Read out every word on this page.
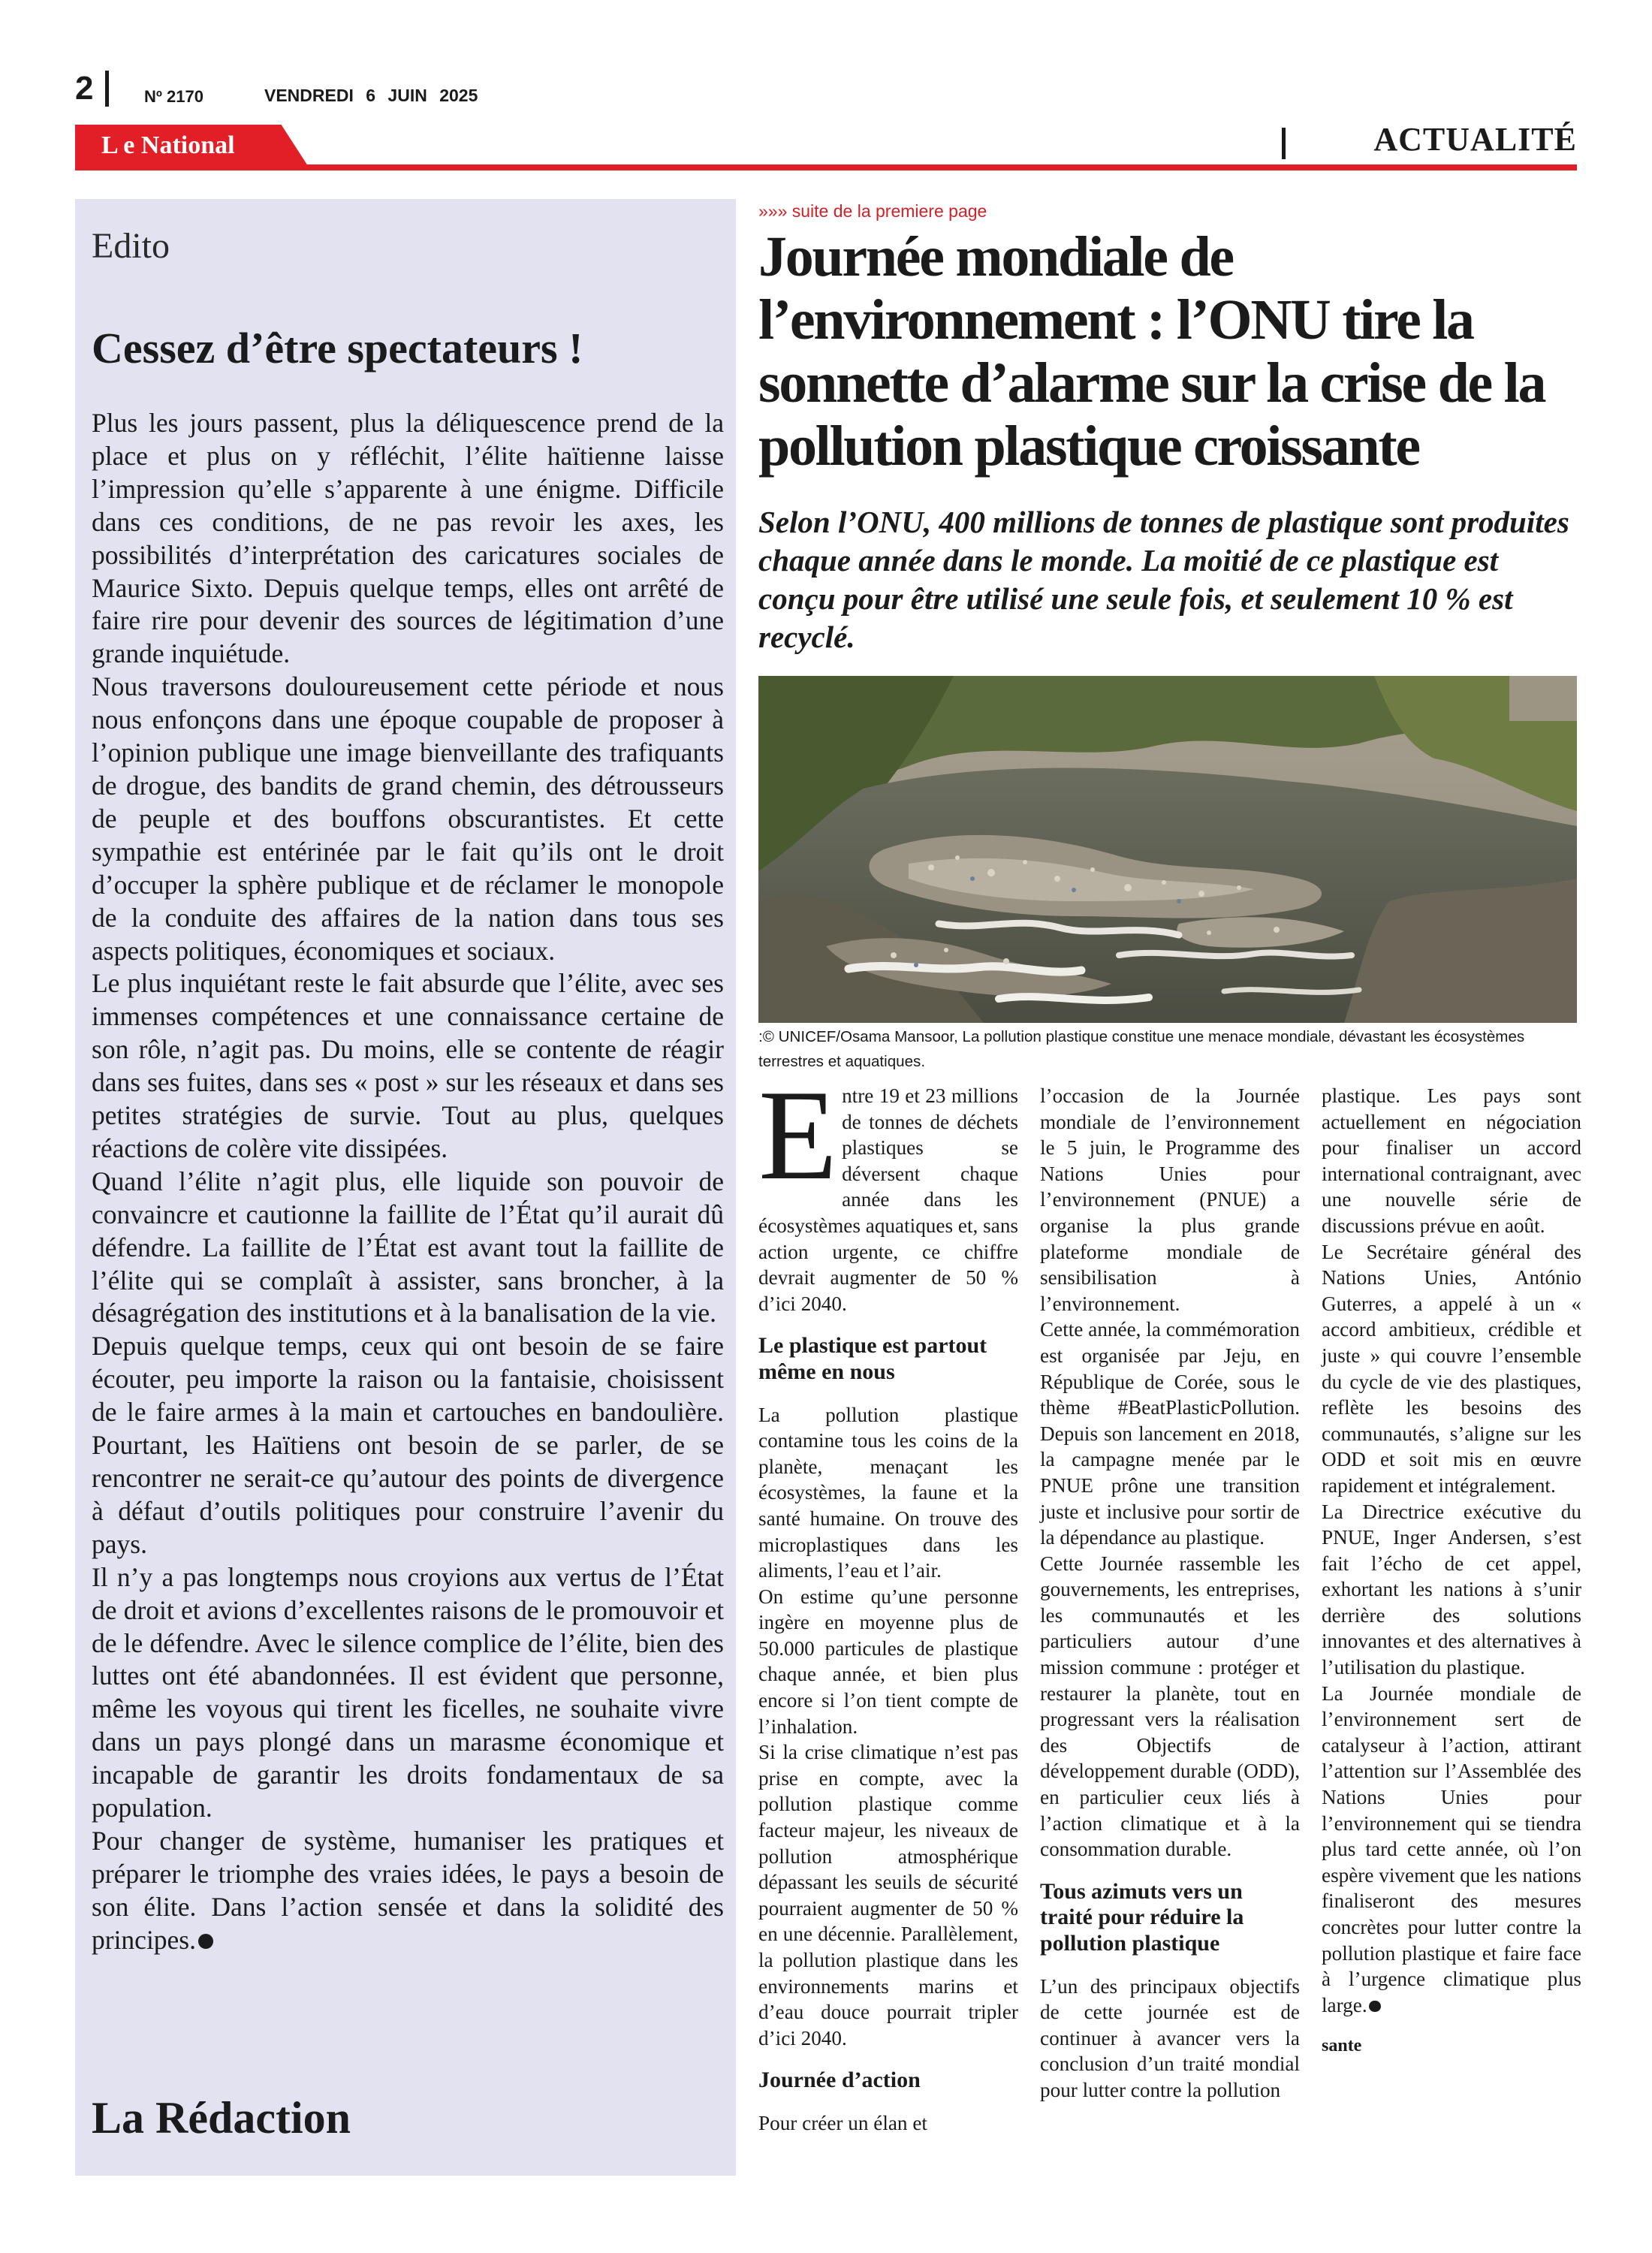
2	Nº 2170	VENDREDI 6 JUIN 2025
L e National	ACTUALITÉ
Edito
Cessez d’être spectateurs !

Plus les jours passent, plus la déliquescence prend de la place et plus on y réfléchit, l’élite haïtienne laisse l’impression qu’elle s’apparente à une énigme. Difficile dans ces conditions, de ne pas revoir les axes, les possibilités d’interprétation des caricatures sociales de Maurice Sixto. Depuis quelque temps, elles ont arrêté de faire rire pour devenir des sources de légitimation d’une grande inquiétude.

Nous traversons douloureusement cette période et nous nous enfonçons dans une époque coupable de proposer à l’opinion publique une image bienveillante des trafiquants de drogue, des bandits de grand chemin, des détrousseurs de peuple et des bouffons obscurantistes. Et cette sympathie est entérinée par le fait qu’ils ont le droit d’occuper la sphère publique et de réclamer le monopole de la conduite des affaires de la nation dans tous ses aspects politiques, économiques et sociaux.

Le plus inquiétant reste le fait absurde que l’élite, avec ses immenses compétences et une connaissance certaine de son rôle, n’agit pas. Du moins, elle se contente de réagir dans ses fuites, dans ses « post » sur les réseaux et dans ses petites stratégies de survie. Tout au plus, quelques réactions de colère vite dissipées.

Quand l’élite n’agit plus, elle liquide son pouvoir de convaincre et cautionne la faillite de l’État qu’il aurait dû défendre. La faillite de l’État est avant tout la faillite de l’élite qui se complaît à assister, sans broncher, à la désagrégation des institutions et à la banalisation de la vie.

Depuis quelque temps, ceux qui ont besoin de se faire écouter, peu importe la raison ou la fantaisie, choisissent de le faire armes à la main et cartouches en bandoulière. Pourtant, les Haïtiens ont besoin de se parler, de se rencontrer ne serait-ce qu’autour des points de divergence à défaut d’outils politiques pour construire l’avenir du pays.

Il n’y a pas longtemps nous croyions aux vertus de l’État de droit et avions d’excellentes raisons de le promouvoir et de le défendre. Avec le silence complice de l’élite, bien des luttes ont été abandonnées. Il est évident que personne, même les voyous qui tirent les ficelles, ne souhaite vivre dans un pays plongé dans un marasme économique et incapable de garantir les droits fondamentaux de sa population.

Pour changer de système, humaniser les pratiques et préparer le triomphe des vraies idées, le pays a besoin de son élite. Dans l’action sensée et dans la solidité des principes.

La Rédaction
»»» suite de la premiere page
Journée mondiale de l’environnement : l’ONU tire la sonnette d’alarme sur la crise de la pollution plastique croissante

Selon l’ONU, 400 millions de tonnes de plastique sont produites chaque année dans le monde. La moitié de ce plastique est conçu pour être utilisé une seule fois, et seulement 10 % est recyclé.

:© UNICEF/Osama Mansoor, La pollution plastique constitue une menace mondiale, dévastant les écosystèmes terrestres et aquatiques.

Entre 19 et 23 millions de tonnes de déchets plastiques se déversent chaque année dans les écosystèmes aquatiques et, sans action urgente, ce chiffre devrait augmenter de 50 % d’ici 2040.

Le plastique est partout même en nous

La pollution plastique contamine tous les coins de la planète, menaçant les écosystèmes, la faune et la santé humaine. On trouve des microplastiques dans les aliments, l’eau et l’air.

On estime qu’une personne ingère en moyenne plus de 50.000 particules de plastique chaque année, et bien plus encore si l’on tient compte de l’inhalation.

Si la crise climatique n’est pas prise en compte, avec la pollution plastique comme facteur majeur, les niveaux de pollution atmosphérique dépassant les seuils de sécurité pourraient augmenter de 50 % en une décennie. Parallèlement, la pollution plastique dans les environnements marins et d’eau douce pourrait tripler d’ici 2040.

Journée d’action

Pour créer un élan et

l’occasion de la Journée mondiale de l’environnement le 5 juin, le Programme des Nations Unies pour l’environnement (PNUE) a organise la plus grande plateforme mondiale de sensibilisation à l’environnement.

Cette année, la commémoration est organisée par Jeju, en République de Corée, sous le thème #BeatPlasticPollution. Depuis son lancement en 2018, la campagne menée par le PNUE prône une transition juste et inclusive pour sortir de la dépendance au plastique.

Cette Journée rassemble les gouvernements, les entreprises, les communautés et les particuliers autour d’une mission commune : protéger et restaurer la planète, tout en progressant vers la réalisation des Objectifs de développement durable (ODD), en particulier ceux liés à l’action climatique et à la consommation durable.

Tous azimuts vers un traité pour réduire la pollution plastique

L’un des principaux objectifs de cette journée est de continuer à avancer vers la conclusion d’un traité mondial pour lutter contre la pollution

plastique. Les pays sont actuellement en négociation pour finaliser un accord international contraignant, avec une nouvelle série de discussions prévue en août.

Le Secrétaire général des Nations Unies, António Guterres, a appelé à un « accord ambitieux, crédible et juste » qui couvre l’ensemble du cycle de vie des plastiques, reflète les besoins des communautés, s’aligne sur les ODD et soit mis en œuvre rapidement et intégralement.

La Directrice exécutive du PNUE, Inger Andersen, s’est fait l’écho de cet appel, exhortant les nations à s’unir derrière des solutions innovantes et des alternatives à l’utilisation du plastique.

La Journée mondiale de l’environnement sert de catalyseur à l’action, attirant l’attention sur l’Assemblée des Nations Unies pour l’environnement qui se tiendra plus tard cette année, où l’on espère vivement que les nations finaliseront des mesures concrètes pour lutter contre la pollution plastique et faire face à l’urgence climatique plus large.

sante
